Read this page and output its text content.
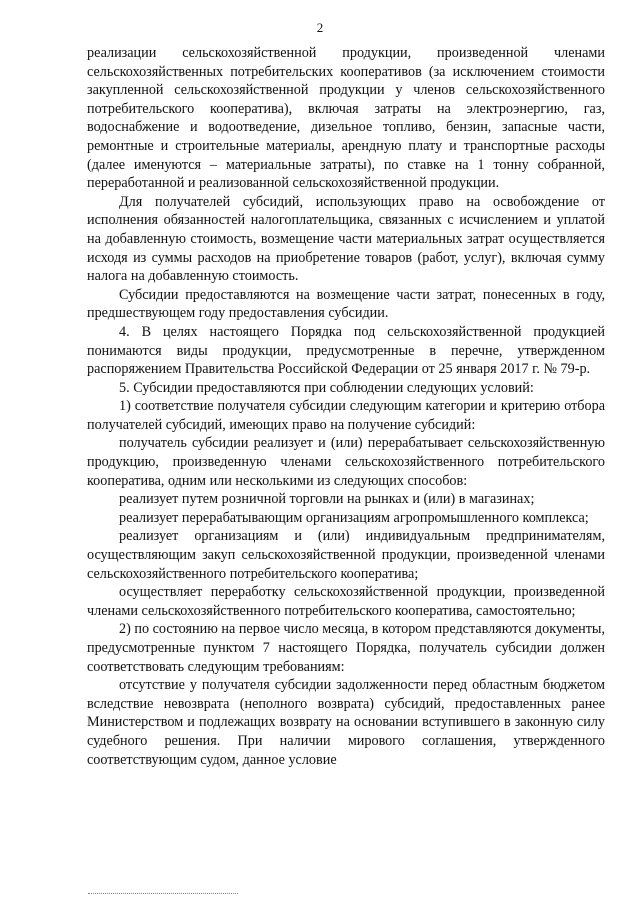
2

реализации сельскохозяйственной продукции, произведенной членами сельскохозяйственных потребительских кооперативов (за исключением стоимости закупленной сельскохозяйственной продукции у членов сельскохозяйственного потребительского кооператива), включая затраты на электроэнергию, газ, водоснабжение и водоотведение, дизельное топливо, бензин, запасные части, ремонтные и строительные материалы, арендную плату и транспортные расходы (далее именуются – материальные затраты), по ставке на 1 тонну собранной, переработанной и реализованной сельскохозяйственной продукции.

Для получателей субсидий, использующих право на освобождение от исполнения обязанностей налогоплательщика, связанных с исчислением и уплатой на добавленную стоимость, возмещение части материальных затрат осуществляется исходя из суммы расходов на приобретение товаров (работ, услуг), включая сумму налога на добавленную стоимость.

Субсидии предоставляются на возмещение части затрат, понесенных в году, предшествующем году предоставления субсидии.

4. В целях настоящего Порядка под сельскохозяйственной продукцией понимаются виды продукции, предусмотренные в перечне, утвержденном распоряжением Правительства Российской Федерации от 25 января 2017 г. № 79-р.

5. Субсидии предоставляются при соблюдении следующих условий:

1) соответствие получателя субсидии следующим категории и критерию отбора получателей субсидий, имеющих право на получение субсидий:

получатель субсидии реализует и (или) перерабатывает сельскохозяйственную продукцию, произведенную членами сельскохозяйственного потребительского кооператива, одним или несколькими из следующих способов:

реализует путем розничной торговли на рынках и (или) в магазинах;

реализует перерабатывающим организациям агропромышленного комплекса;

реализует организациям и (или) индивидуальным предпринимателям, осуществляющим закуп сельскохозяйственной продукции, произведенной членами сельскохозяйственного потребительского кооператива;

осуществляет переработку сельскохозяйственной продукции, произведенной членами сельскохозяйственного потребительского кооператива, самостоятельно;

2) по состоянию на первое число месяца, в котором представляются документы, предусмотренные пунктом 7 настоящего Порядка, получатель субсидии должен соответствовать следующим требованиям:

отсутствие у получателя субсидии задолженности перед областным бюджетом вследствие невозврата (неполного возврата) субсидий, предоставленных ранее Министерством и подлежащих возврату на основании вступившего в законную силу судебного решения. При наличии мирового соглашения, утвержденного соответствующим судом, данное условие
